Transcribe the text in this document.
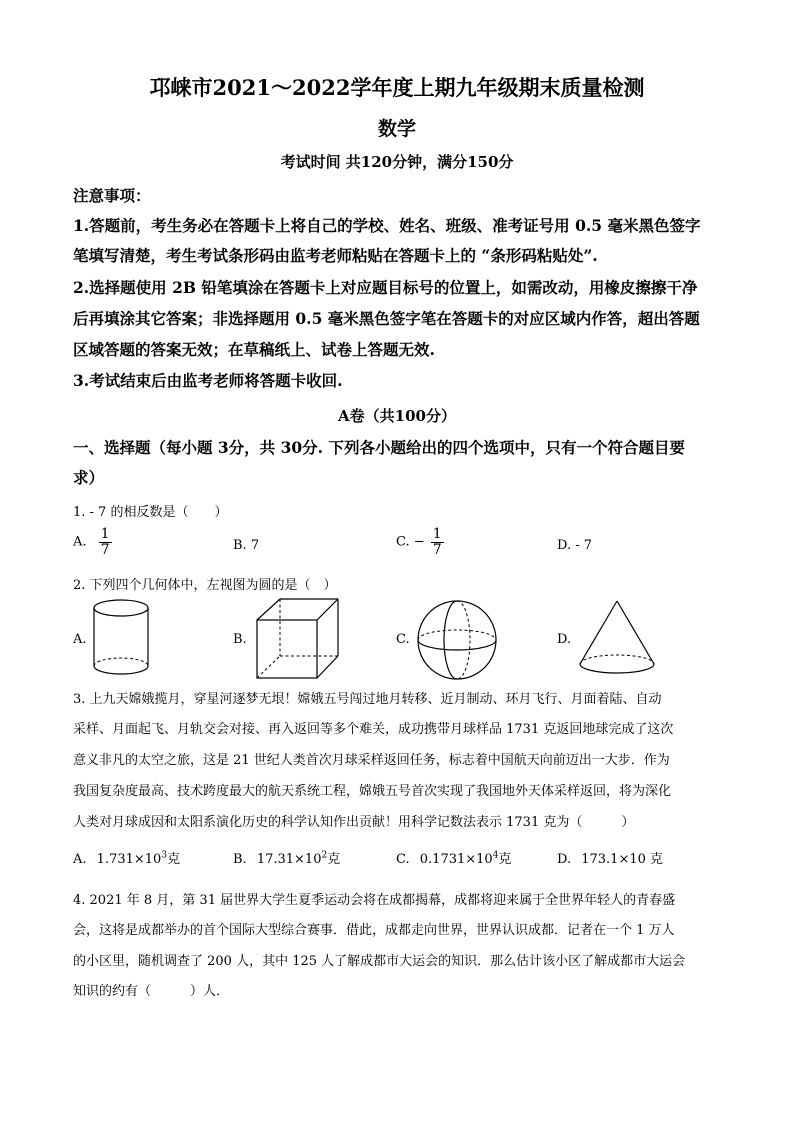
邛崃市2021～2022学年度上期九年级期末质量检测
数学
考试时间 共120分钟，满分150分
注意事项：
1.答题前，考生务必在答题卡上将自己的学校、姓名、班级、准考证号用 0.5 毫米黑色签字
笔填写清楚，考生考试条形码由监考老师粘贴在答题卡上的 “条形码粘贴处”.
2.选择题使用 2B 铅笔填涂在答题卡上对应题目标号的位置上，如需改动，用橡皮擦擦干净
后再填涂其它答案；非选择题用 0.5 毫米黑色签字笔在答题卡的对应区域内作答，超出答题
区域答题的答案无效；在草稿纸上、试卷上答题无效.
3.考试结束后由监考老师将答题卡收回.
A卷（共100分）
一、选择题（每小题 3分，共 30分. 下列各小题给出的四个选项中，只有一个符合题目要
求）
1. - 7 的相反数是（　　）
A. $\frac{1}{7}$	B. 7	C. − $\frac{1}{7}$	D. - 7
2. 下列四个几何体中，左视图为圆的是（　）
A.	B.	C.	D.
3. 上九天嫦娥揽月，穿星河逐梦无垠！嫦娥五号闯过地月转移、近月制动、环月飞行、月面着陆、自动
采样、月面起飞、月轨交会对接、再入返回等多个难关，成功携带月球样品 1731 克返回地球完成了这次
意义非凡的太空之旅，这是 21 世纪人类首次月球采样返回任务，标志着中国航天向前迈出一大步．作为
我国复杂度最高、技术跨度最大的航天系统工程，嫦娥五号首次实现了我国地外天体采样返回，将为深化
人类对月球成因和太阳系演化历史的科学认知作出贡献！用科学记数法表示 1731 克为（　　　）
A. $1.731\times 10^3$克	B. $17.31\times 10^2$克	C. $0.1731\times 10^4$克	D. 173.1×10 克
4. 2021 年 8 月，第 31 届世界大学生夏季运动会将在成都揭幕，成都将迎来属于全世界年轻人的青春盛
会，这将是成都举办的首个国际大型综合赛事．借此，成都走向世界，世界认识成都．记者在一个 1 万人
的小区里，随机调查了 200 人，其中 125 人了解成都市大运会的知识．那么估计该小区了解成都市大运会
知识的约有（　　　）人．
